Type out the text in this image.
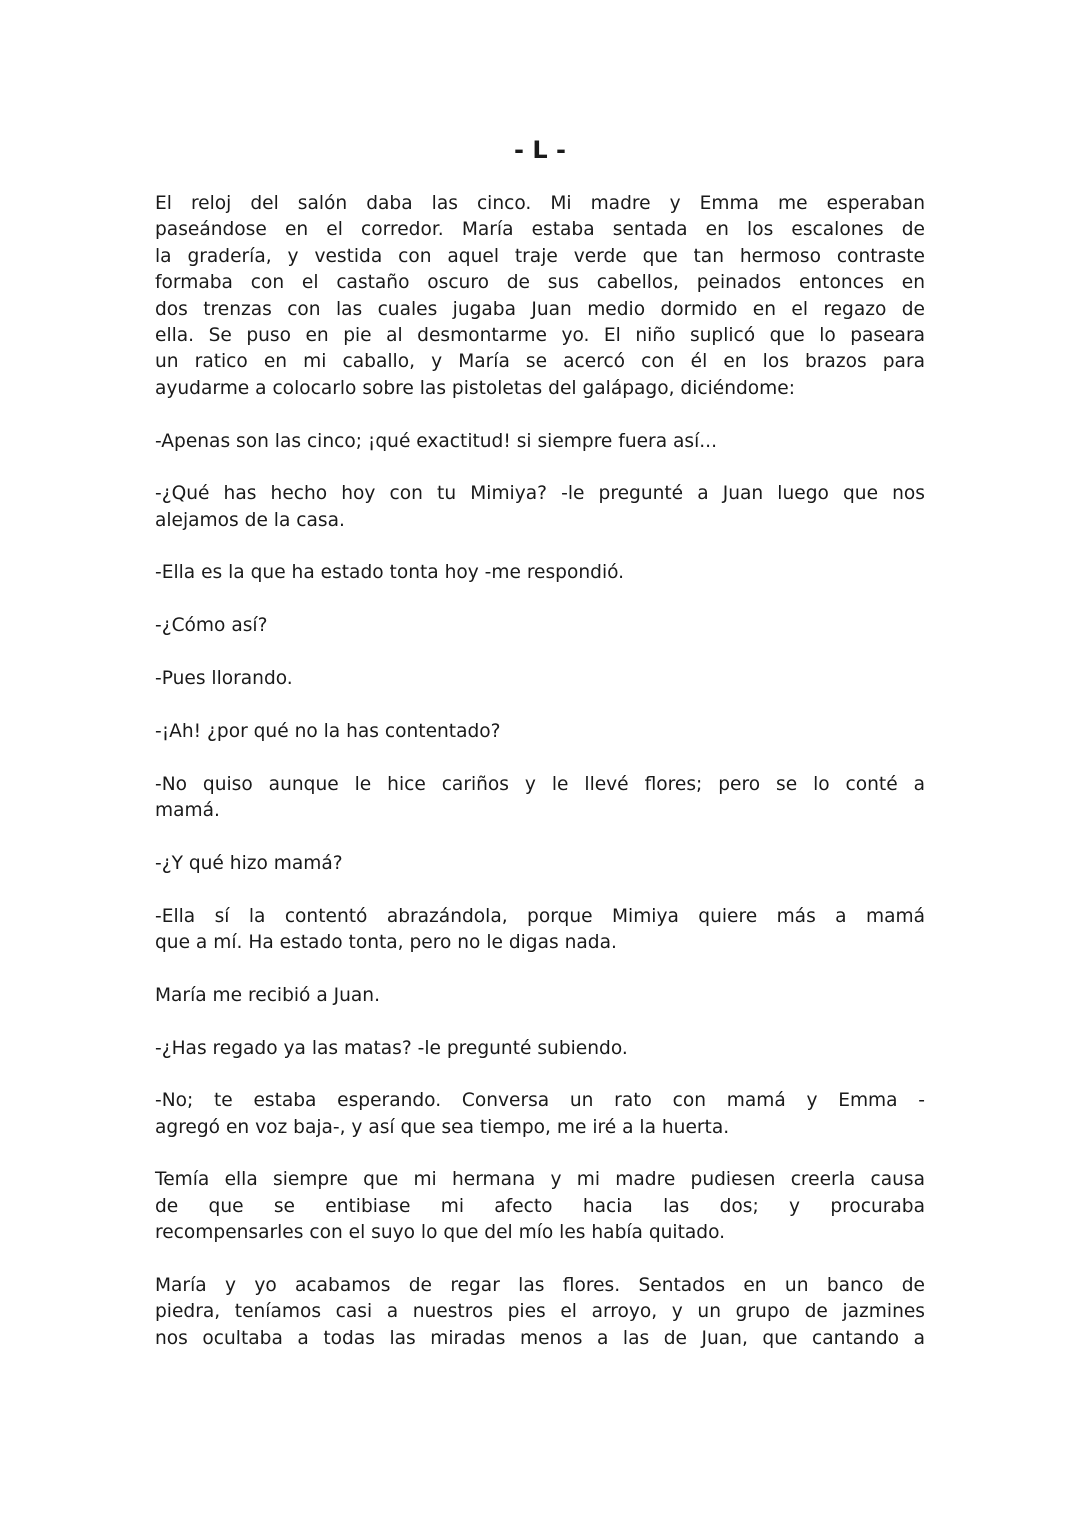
- L -
El reloj del salón daba las cinco. Mi madre y Emma me esperaban
paseándose en el corredor. María estaba sentada en los escalones de
la gradería, y vestida con aquel traje verde que tan hermoso contraste
formaba con el castaño oscuro de sus cabellos, peinados entonces en
dos trenzas con las cuales jugaba Juan medio dormido en el regazo de
ella. Se puso en pie al desmontarme yo. El niño suplicó que lo paseara
un ratico en mi caballo, y María se acercó con él en los brazos para
ayudarme a colocarlo sobre las pistoletas del galápago, diciéndome:
-Apenas son las cinco; ¡qué exactitud! si siempre fuera así...
-¿Qué has hecho hoy con tu Mimiya? -le pregunté a Juan luego que nos
alejamos de la casa.
-Ella es la que ha estado tonta hoy -me respondió.
-¿Cómo así?
-Pues llorando.
-¡Ah! ¿por qué no la has contentado?
-No quiso aunque le hice cariños y le llevé flores; pero se lo conté a
mamá.
-¿Y qué hizo mamá?
-Ella sí la contentó abrazándola, porque Mimiya quiere más a mamá
que a mí. Ha estado tonta, pero no le digas nada.
María me recibió a Juan.
-¿Has regado ya las matas? -le pregunté subiendo.
-No; te estaba esperando. Conversa un rato con mamá y Emma -
agregó en voz baja-, y así que sea tiempo, me iré a la huerta.
Temía ella siempre que mi hermana y mi madre pudiesen creerla causa
de que se entibiase mi afecto hacia las dos; y procuraba
recompensarles con el suyo lo que del mío les había quitado.
María y yo acabamos de regar las flores. Sentados en un banco de
piedra, teníamos casi a nuestros pies el arroyo, y un grupo de jazmines
nos ocultaba a todas las miradas menos a las de Juan, que cantando a
